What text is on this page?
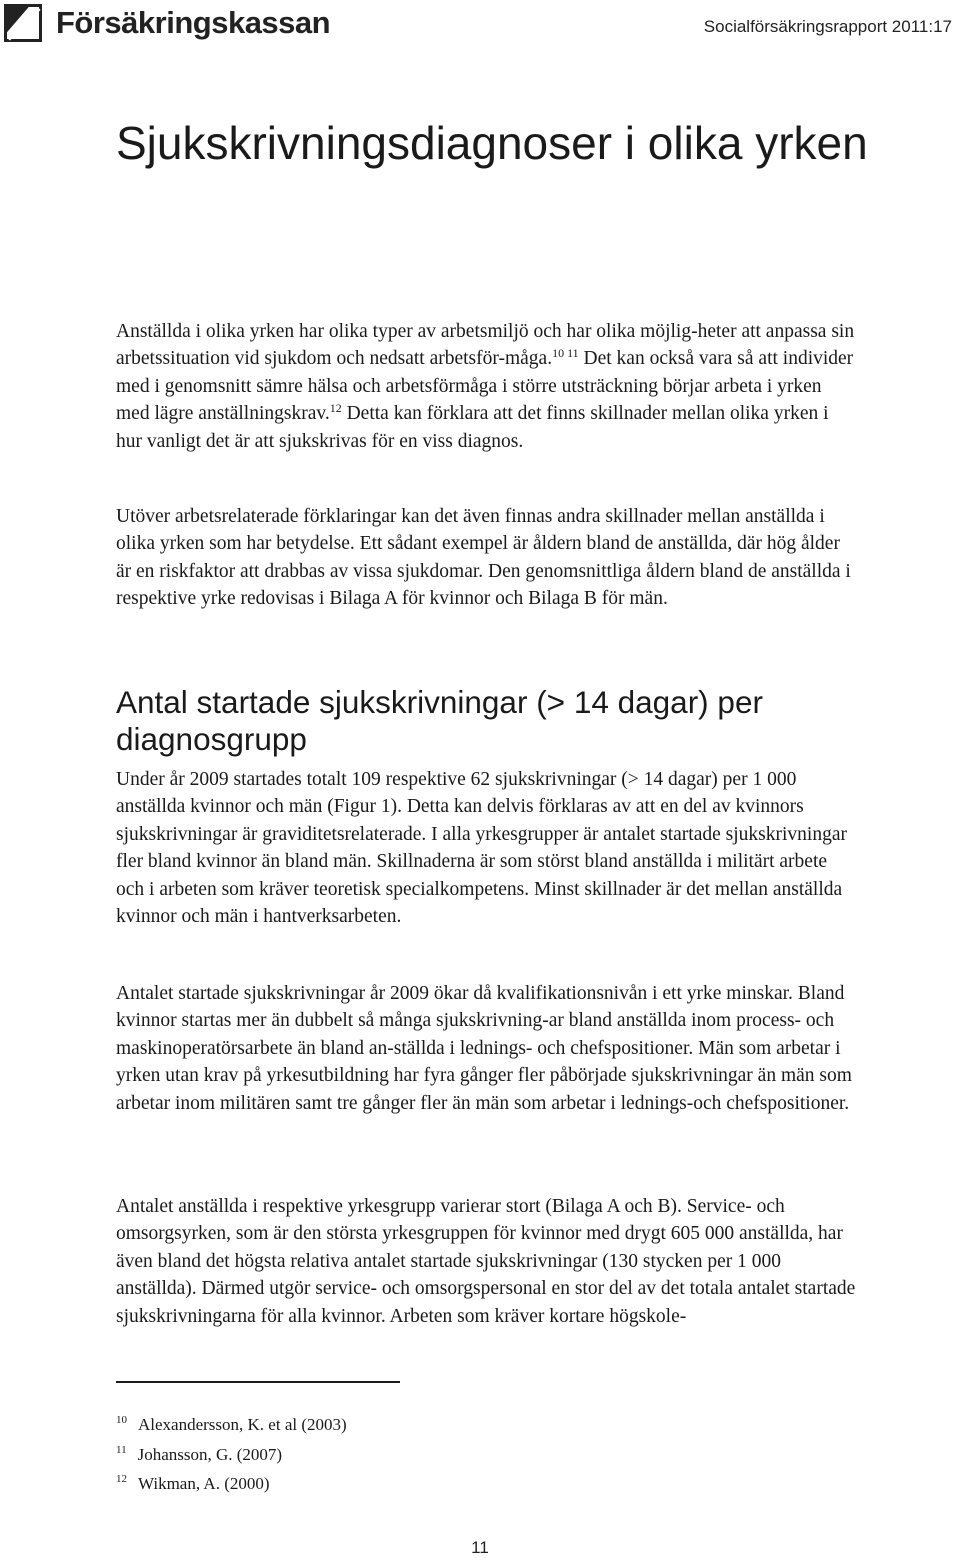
Försäkringskassan	Socialförsäkringsrapport 2011:17
Sjukskrivningsdiagnoser i olika yrken

Anställda i olika yrken har olika typer av arbetsmiljö och har olika möjlig-heter att anpassa sin arbetssituation vid sjukdom och nedsatt arbetsför-måga.$^{10 11}$ Det kan också vara så att individer med i genomsnitt sämre hälsa och arbetsförmåga i större utsträckning börjar arbeta i yrken med lägre anställningskrav.$^{12}$ Detta kan förklara att det finns skillnader mellan olika yrken i hur vanligt det är att sjukskrivas för en viss diagnos.

Utöver arbetsrelaterade förklaringar kan det även finnas andra skillnader mellan anställda i olika yrken som har betydelse. Ett sådant exempel är åldern bland de anställda, där hög ålder är en riskfaktor att drabbas av vissa sjukdomar. Den genomsnittliga åldern bland de anställda i respektive yrke redovisas i Bilaga A för kvinnor och Bilaga B för män.

Antal startade sjukskrivningar (> 14 dagar) per diagnosgrupp

Under år 2009 startades totalt 109 respektive 62 sjukskrivningar (> 14 dagar) per 1 000 anställda kvinnor och män (Figur 1). Detta kan delvis förklaras av att en del av kvinnors sjukskrivningar är graviditetsrelaterade. I alla yrkesgrupper är antalet startade sjukskrivningar fler bland kvinnor än bland män. Skillnaderna är som störst bland anställda i militärt arbete och i arbeten som kräver teoretisk specialkompetens. Minst skillnader är det mellan anställda kvinnor och män i hantverksarbeten.

Antalet startade sjukskrivningar år 2009 ökar då kvalifikationsnivån i ett yrke minskar. Bland kvinnor startas mer än dubbelt så många sjukskrivning-ar bland anställda inom process- och maskinoperatörsarbete än bland an-ställda i lednings- och chefspositioner. Män som arbetar i yrken utan krav på yrkesutbildning har fyra gånger fler påbörjade sjukskrivningar än män som arbetar inom militären samt tre gånger fler än män som arbetar i lednings-och chefspositioner.

Antalet anställda i respektive yrkesgrupp varierar stort (Bilaga A och B). Service- och omsorgsyrken, som är den största yrkesgruppen för kvinnor med drygt 605 000 anställda, har även bland det högsta relativa antalet startade sjukskrivningar (130 stycken per 1 000 anställda). Därmed utgör service- och omsorgspersonal en stor del av det totala antalet startade sjukskrivningarna för alla kvinnor. Arbeten som kräver kortare högskole-

$^{10}$ Alexandersson, K. et al (2003)
$^{11}$ Johansson, G. (2007)
$^{12}$ Wikman, A. (2000)
11
